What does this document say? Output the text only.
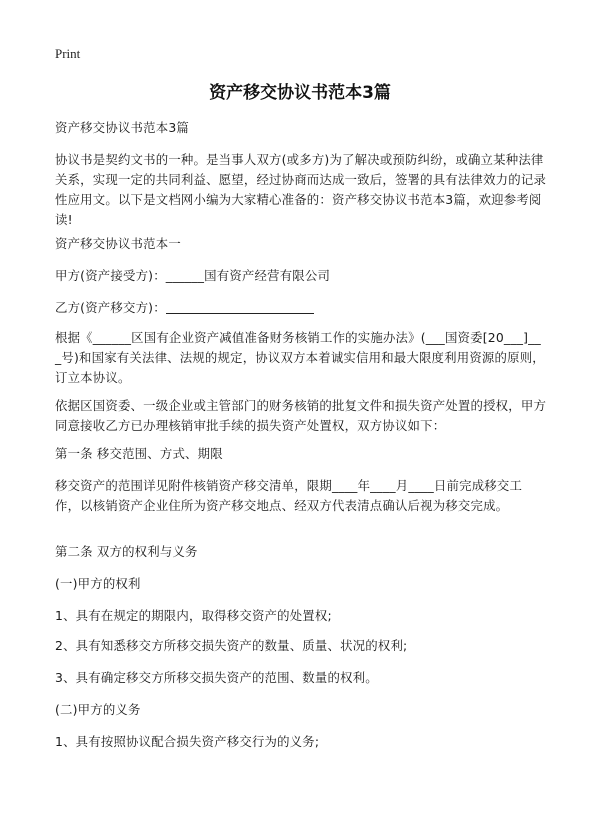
Print
资产移交协议书范本3篇
资产移交协议书范本3篇
协议书是契约文书的一种。是当事人双方(或多方)为了解决或预防纠纷，或确立某种法律关系，实现一定的共同利益、愿望，经过协商而达成一致后，签署的具有法律效力的记录性应用文。以下是文档网小编为大家精心准备的：资产移交协议书范本3篇，欢迎参考阅读!
资产移交协议书范本一
甲方(资产接受方)：______国有资产经营有限公司
乙方(资产移交方)：
根据《______区国有企业资产减值准备财务核销工作的实施办法》(___国资委[20___]___号)和国家有关法律、法规的规定，协议双方本着诚实信用和最大限度利用资源的原则，订立本协议。
依据区国资委、一级企业或主管部门的财务核销的批复文件和损失资产处置的授权，甲方同意接收乙方已办理核销审批手续的损失资产处置权，双方协议如下：
第一条 移交范围、方式、期限
移交资产的范围详见附件核销资产移交清单，限期____年____月____日前完成移交工作，以核销资产企业住所为资产移交地点、经双方代表清点确认后视为移交完成。
第二条 双方的权利与义务
(一)甲方的权利
1、具有在规定的期限内，取得移交资产的处置权;
2、具有知悉移交方所移交损失资产的数量、质量、状况的权利;
3、具有确定移交方所移交损失资产的范围、数量的权利。
(二)甲方的义务
1、具有按照协议配合损失资产移交行为的义务;
